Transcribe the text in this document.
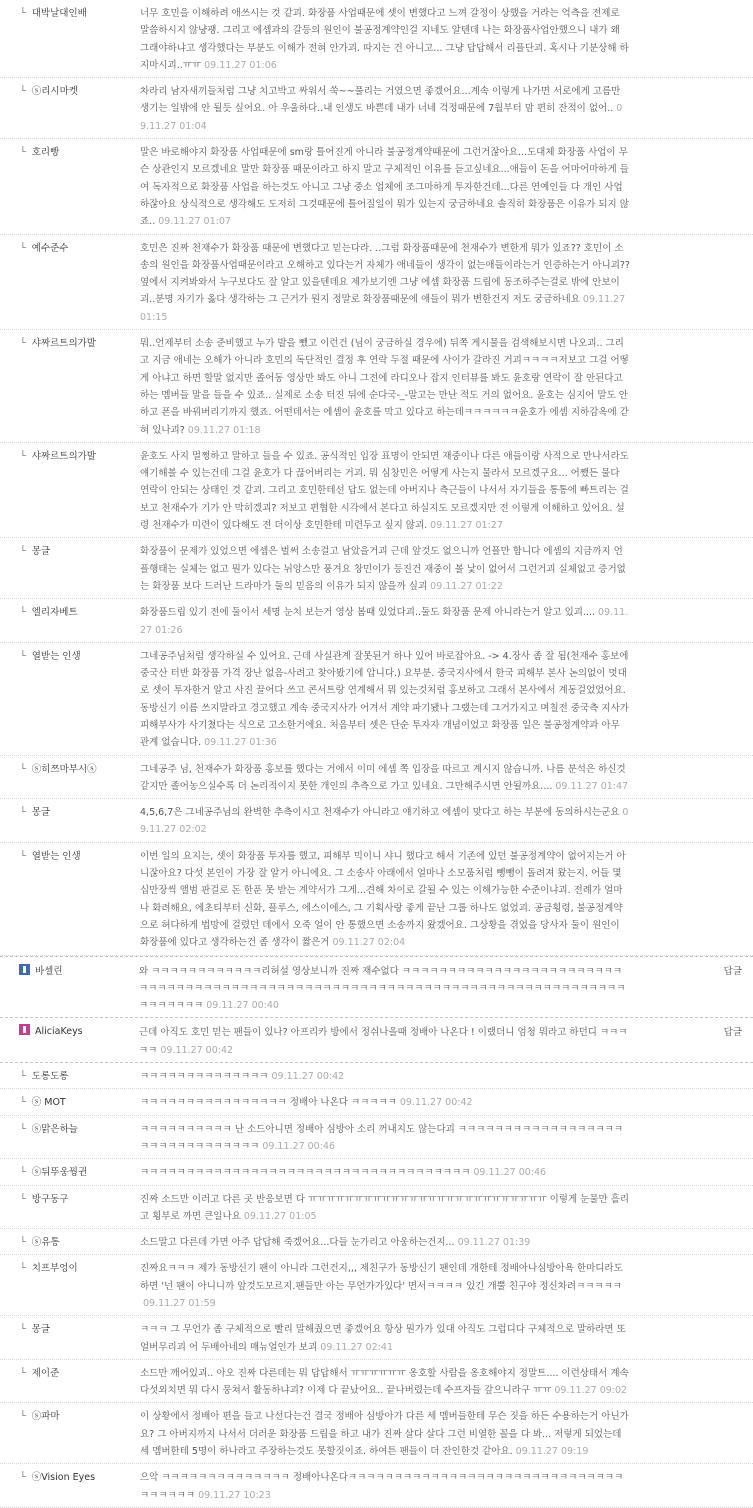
└ 대박날대인배	너무 호민을 이해하려 애쓰시는 것 같괴. 화장품 사업때문에 셋이 변했다고 느껴 갈정이 상했을 거라는 억측을 전제로 말씀하시지 않냥괭. 그리고 에셈과의 갈등의 원인이 불공정계약인걸 지네도 알텐데 나는 화장품사업안했으니 내가 왜 그래야하냐고 생각했다는 부분도 이해가 전혀 안가괴. 따지는 건 아니고... 그냥 답답해서 리플단괴. 혹시나 기분상해 하지마시괴..ㅠㅠ 09.11.27 01:06
└ ⓢ리시마켓	차라리 남자새끼들처럼 그냥 치고박고 싸워서 쑥~~풀리는 거였으면 좋겠어요...계속 이렇게 나가면 서로에게 고름만 생기는 일밖에 안 될듯 싶어요. 아 우울하다..내 인생도 바쁜데 내가 너네 걱정때문에 7월부터 맘 편히 잔적이 없어.. 09.11.27 01:04
└ 호리빵	말은 바로해야지 화장품 사업때문에 sm랑 틀어진게 아니라 불공정계약때문에 그런거잖아요...도대체 화장품 사업이 무슨 상관인지 모르겠네요 말만 화장품 때문이라고 하지 말고 구체적인 이유를 듣고싶네요...애들이 돈을 어마어마하게 들여 독자적으로 화장품 사업을 하는것도 아니고 그냥 중소 업체에 조그마하게 투자한건데...다른 연예인들 다 개인 사업하잖아요 상식적으로 생각해도 도저히 그것때문에 틀어질일이 뭐가 있는지 궁금하네요 솔직히 화장품은 이유가 되지 않죠.. 09.11.27 01:07
└ 예수준수	호민은 진짜 천재수가 화장품 때문에 변했다고 믿는다라. ..그럼 화장품때문에 천재수가 변한게 뭐가 있죠?? 호민이 소송의 원인을 화장품사업때문이라고 오해하고 있다는거 자체가 애네들이 생각이 없는애들이라는거 인증하는거 아니괴?? 옆에서 지켜봐와서 누구보다도 잘 알고 있을텐데요 제가보기엔 그냥 에셈 화장품 드립에 동조하주는걸로 밖에 안보이괴..분명 자기가 옳다 생각하는 그 근거가 뭔지 정말로 화장품때문에 애들이 뭐가 변한건지 저도 궁금하네요 09.11.27 01:15
└ 샤짜르트의가발	뭐..언제부터 소송 준비했고 누가 발을 뺐고 이런건 (님이 궁금하실 경우에) 뒤쪽 게시물을 검색해보시면 나오괴.. 그리고 지금 애네는 오해가 아니라 호민의 독단적인 결정 후 연락 두절 때문에 사이가 갈라진 거괴ㅋㅋㅋㅋ저보고 그걸 어떻게 아냐고 하면 할말 없지만 졸어동 영상만 봐도 아니 그전에 라디오나 잡지 인터뷰를 봐도 윤호랑 연락이 잘 안된다고 하는 멤버들 말을 들을 수 있죠.. 실제로 소송 터진 뒤에 순다국-_-말고는 만난 적도 거의 없어요. 윤호는 심지어 말도 안하고 폰을 바꿔버리기까지 했죠. 어떤데서는 에셈이 윤호를 막고 있다고 하는데ㅋㅋㅋㅋㅋㅋ윤호가 에셈 지하감옥에 갇혀 있나괴? 09.11.27 01:18
└ 샤짜르트의가발	윤호도 사지 멀쩡하고 말하고 들을 수 있죠. 공식적인 입장 표명이 안되면 재중이나 다른 애들이랑 사적으로 만나서라도 얘기해볼 수 있는건데 그걸 윤호가 다 끊어버리는 거괴. 뭐 심창민은 어떻게 사는지 물라서 모르겠구요... 어쨌든 물다 연락이 안되는 상태인 것 같괴. 그리고 호민한테선 답도 없는데 아버지나 측근들이 나서서 자기들을 통통에 빠트리는 걸 보고 천재수가 기가 안 막히겠괴? 저보고 편협한 시각에서 본다고 하실지도 모르겠지만 전 이렇게 이해하고 있어요. 설령 천재수가 미련이 있다해도 전 더이상 호민한테 미련두고 싶지 않괴. 09.11.27 01:27
└ 몽글	화장품이 문제가 있었으면 에셈은 벌써 소송걸고 남았을거괴 근데 앞것도 없으니까 언플만 합니다 에셈의 지금까지 언플행태는 실체는 없고 뭔가 있다는 뉘앙스만 풍겨요 창민이가 등진건 재중이 볼 낯이 없어서 그런거괴 실체없고 증거없는 화장품 보다 드러난 드라마가 둘의 믿음의 이유가 되지 않을까 싶괴 09.11.27 01:22
└ 엘리자베트	화장품드립 있기 전에 둘이서 세명 눈치 보는거 영상 봄때 있었다괴..둘도 화장품 문제 아니라는거 알고 있괴.... 09.11.27 01:26
└ 열받는 인생	그네공주님처럼 생각하실 수 있어요. 근데 사실관계 잘못된거 하나 있어 바로잡아요. -> 4.장사 좀 잘 됨(천재수 홍보에 중국산 터반 화장품 가격 장난 없음-사려고 찾아봤기에 압니다.) 요부분. 중국지사에서 한국 피해부 본사 논의없이 멋대로 셋이 투자한거 알고 사진 끌어다 쓰고 콘서트랑 연계해서 뭐 있는것처럼 홍보하고 그래서 본사에서 계동걸었었어요. 동방신기 이름 쓰지말라고 경고했고 계속 중국지사가 어겨서 계약 파기됐나 그랬는데 그거가지고 며칠전 중국측 지사가 피해부사가 사기쳤다는 식으로 고소한거에요. 처음부터 셋은 단순 투자자 개념이었고 화장품 일은 불공정계약과 아무 관계 없습니다. 09.11.27 01:36
└ ⓢ히쯔마부시ⓢ	그네공주 님, 천재수가 화장품 홍보를 했다는 거에서 이미 에셈 쪽 입장을 따르고 계시지 않습니까. 나름 분석은 하신것 같지만 졸어농으실수록 더 논리적이지 못한 개인의 추측으로 가고 있네요. 그만해주시면 안될까요.... 09.11.27 01:47
└ 몽글	4,5,6,7은 그네공주님의 완벽한 추측이시고 천재수가 아니라고 얘기하고 에셈이 맞다고 하는 부분에 동의하시는군요 09.11.27 02:02
└ 열받는 인생	이번 일의 요지는, 셋이 화장품 투자를 했고, 피해부 믹이니 샤니 했다고 해서 기존에 있던 불공정계약이 없어지는거 아니잖아요? 다섯 본인이 가장 잘 알거 아니에요. 그 소송사 아래에서 얼마나 소모품처럼 뺑뺑이 돌려져 왔는지. 어들 몇십만장씩 앨범 판걸로 돈 한푼 못 받는 계약서가 그게...견해 차이로 갈될 수 있는 이해가능한 수준이냐괴. 전례가 얼마나 화려해요, 에초티부터 신화, 플루스, 에스이에스, 그 기획사랑 좋게 끝난 그룹 하나도 없었괴. 공금횡령, 불공정계약으로 허다하게 법망에 걸렸던 데에서 오죽 얼이 안 통했으면 소송까지 왔겠어요. 그상황을 겪었을 당사자 둘이 원인이 화장품에 있다고 생각하는건 좀 생각이 짧은거 09.11.27 02:04
바셀린	와 ㅋㅋㅋㅋㅋㅋㅋㅋㅋㅋㅋㅋ리허설 영상보니까 진짜 재수없다 ㅋㅋㅋㅋㅋㅋㅋㅋㅋㅋㅋㅋㅋㅋㅋㅋㅋㅋㅋㅋㅋㅋㅋㅋㅋㅋㅋㅋㅋㅋㅋㅋㅋㅋㅋㅋㅋㅋㅋㅋㅋㅋㅋㅋㅋㅋㅋㅋㅋㅋㅋㅋㅋㅋㅋㅋㅋㅋㅋㅋㅋㅋㅋㅋㅋㅋㅋㅋㅋㅋㅋㅋㅋㅋㅋㅋㅋㅋㅋㅋㅋㅋㅋㅋ 09.11.27 00:40
답글
AliciaKeys	근데 아직도 호민 믿는 팬들이 있나? 아프리카 방에서 정쉬나올때 정배아 나온다 ! 이랬더니 엄청 뭐라고 하던디 ㅋㅋㅋㅋㅋ 09.11.27 00:42
답글
└ 도롱도롱	ㅋㅋㅋㅋㅋㅋㅋㅋㅋㅋㅋㅋㅋㅋ 09.11.27 00:42
└ ⓢ MOT	ㅋㅋㅋㅋㅋㅋㅋㅋㅋㅋㅋㅋㅋㅋㅋㅋ 정배아 나온다 ㅋㅋㅋㅋㅋ 09.11.27 00:42
└ ⓢ맑은하늘	ㅋㅋㅋㅋㅋㅋㅋㅋㅋㅋ 난 소드아니면 정배아 심방아 소리 꺼내지도 않는다괴 ㅋㅋㅋㅋㅋㅋㅋㅋㅋㅋㅋㅋㅋㅋㅋㅋㅋㅋㅋㅋㅋㅋㅋㅋㅋㅋㅋㅋㅋㅋㅋ 09.11.27 00:46
└ ⓢ뒤뚜웅꿩귄	ㅋㅋㅋㅋㅋㅋㅋㅋㅋㅋㅋㅋㅋㅋㅋㅋㅋㅋㅋㅋㅋㅋㅋㅋㅋㅋㅋㅋㅋㅋㅋㅋㅋㅋㅋㅋ 09.11.27 00:46
└ 방구동구	진짜 소드만 이러고 다른 곳 반응보면 다 ㅠㅠㅠㅠㅠㅠㅠㅠㅠㅠㅠㅠㅠㅠㅠㅠㅠㅠㅠㅠㅠㅠㅠㅠㅠㅠ 이렇게 눈물만 흘리고 횡부로 까면 큰일나요 09.11.27 01:05
└ ⓢ유통	소드말고 다른데 가면 아주 답답해 죽겠어요...다들 눈가리고 아웅하는건지... 09.11.27 01:39
└ 치프부엉이	진짜요ㅋㅋㅋ 제가 동방신기 팬이 아니라 그런건지,,, 제친구가 동방신기 팬인데 개한테 정배아나심방아욕 한마디라도하면 '넌 팬이 아니니까 앞것도모르지.팬들만 아는 무언가가있다' 면서ㅋㅋㅋㅋ 있긴 개뿔 친구야 정신차려ㅋㅋㅋㅋㅋ09.11.27 01:59
└ 몽글	ㅋㅋㅋ 그 무언가 좀 구체적으로 빨리 말해줬으면 좋겠어요 항상 뭔가가 있대 아직도 그럽디다 구체적으로 말하라면 또 얼버무리괴 어 두배아네의 매뉴얼인가 보괴 09.11.27 02:41
└ 제이준	소드만 깨어있괴.. 아오 진짜 다른데는 뭐 답답해서 ㅠㅠㅠㅠㅠㅠ 옹호할 사람을 옹호해야지 정말트.... 이런상태서 계속 다섯외치면 뭐 다시 뭉쳐서 활동하냐괴? 이제 다 끝났어요.. 끝나버렸는데 수프자들 갚으니라구 ㅠㅠ 09.11.27 09:02
└ ⓢ파마	이 상황에서 정배아 편을 들고 나선다는건 결국 정배아 심방아가 다른 세 멤버들한테 무슨 짓을 하든 수용하는거 아닌가요? 그 아버지까지 나서서 더러운 화장품 드립을 하고 내가 진짜 살다 살다 그런 비열한 꼴을 다 봐... 저렇게 되었는데 세 멤버한테 5명이 하나라고 주장하는것도 못할짓이죠. 하여튼 팬들이 더 잔인한것 같아요. 09.11.27 09:19
└ ⓢVision Eyes	으악 ㅋㅋㅋㅋㅋㅋㅋㅋㅋㅋㅋㅋㅋㅋ 정배아나온다ㅋㅋㅋㅋㅋㅋㅋㅋㅋㅋㅋㅋㅋㅋㅋㅋㅋㅋㅋㅋㅋㅋㅋㅋㅋㅋㅋㅋㅋㅋㅋㅋㅋㅋㅋㅋ 09.11.27 10:23
